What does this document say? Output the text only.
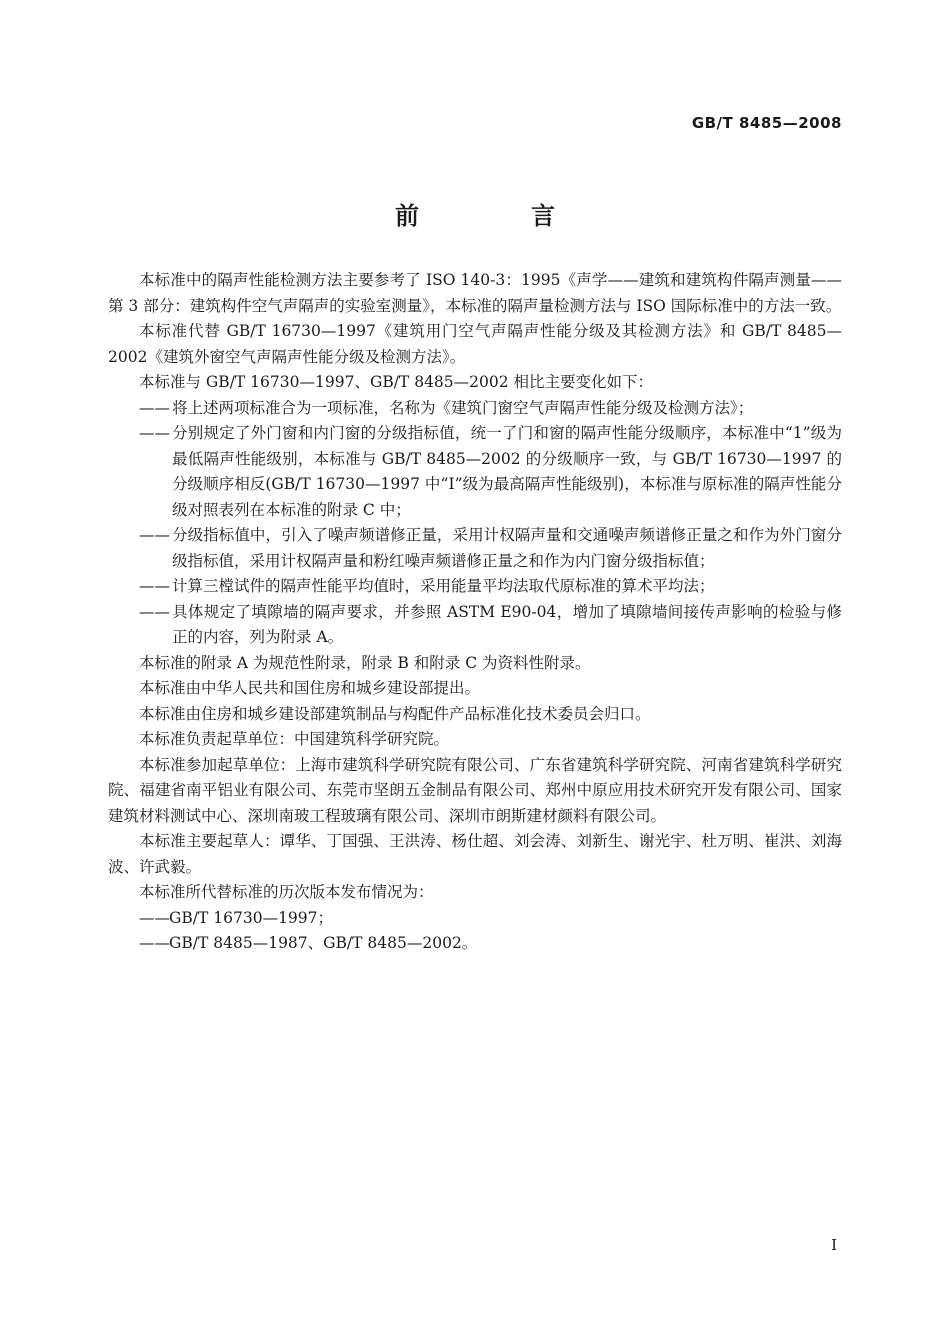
GB/T 8485—2008
前　言

本标准中的隔声性能检测方法主要参考了 ISO 140-3：1995《声学——建筑和建筑构件隔声测量——第 3 部分：建筑构件空气声隔声的实验室测量》，本标准的隔声量检测方法与 ISO 国际标准中的方法一致。

本标准代替 GB/T 16730—1997《建筑用门空气声隔声性能分级及其检测方法》和 GB/T 8485—2002《建筑外窗空气声隔声性能分级及检测方法》。

本标准与 GB/T 16730—1997、GB/T 8485—2002 相比主要变化如下：

—— 将上述两项标准合为一项标准，名称为《建筑门窗空气声隔声性能分级及检测方法》；

—— 分别规定了外门窗和内门窗的分级指标值，统一了门和窗的隔声性能分级顺序，本标准中“1”级为最低隔声性能级别，本标准与 GB/T 8485—2002 的分级顺序一致，与 GB/T 16730—1997 的分级顺序相反(GB/T 16730—1997 中“Ⅰ”级为最高隔声性能级别)，本标准与原标准的隔声性能分级对照表列在本标准的附录 C 中；

—— 分级指标值中，引入了噪声频谱修正量，采用计权隔声量和交通噪声频谱修正量之和作为外门窗分级指标值，采用计权隔声量和粉红噪声频谱修正量之和作为内门窗分级指标值；

—— 计算三樘试件的隔声性能平均值时，采用能量平均法取代原标准的算术平均法；

—— 具体规定了填隙墙的隔声要求，并参照 ASTM E90-04，增加了填隙墙间接传声影响的检验与修正的内容，列为附录 A。

本标准的附录 A 为规范性附录，附录 B 和附录 C 为资料性附录。

本标准由中华人民共和国住房和城乡建设部提出。

本标准由住房和城乡建设部建筑制品与构配件产品标准化技术委员会归口。

本标准负责起草单位：中国建筑科学研究院。

本标准参加起草单位：上海市建筑科学研究院有限公司、广东省建筑科学研究院、河南省建筑科学研究院、福建省南平铝业有限公司、东莞市坚朗五金制品有限公司、郑州中原应用技术研究开发有限公司、国家建筑材料测试中心、深圳南玻工程玻璃有限公司、深圳市朗斯建材颜料有限公司。

本标准主要起草人：谭华、丁国强、王洪涛、杨仕超、刘会涛、刘新生、谢光宇、杜万明、崔洪、刘海波、许武毅。

本标准所代替标准的历次版本发布情况为：

—— GB/T 16730—1997；

—— GB/T 8485—1987、GB/T 8485—2002。

I
